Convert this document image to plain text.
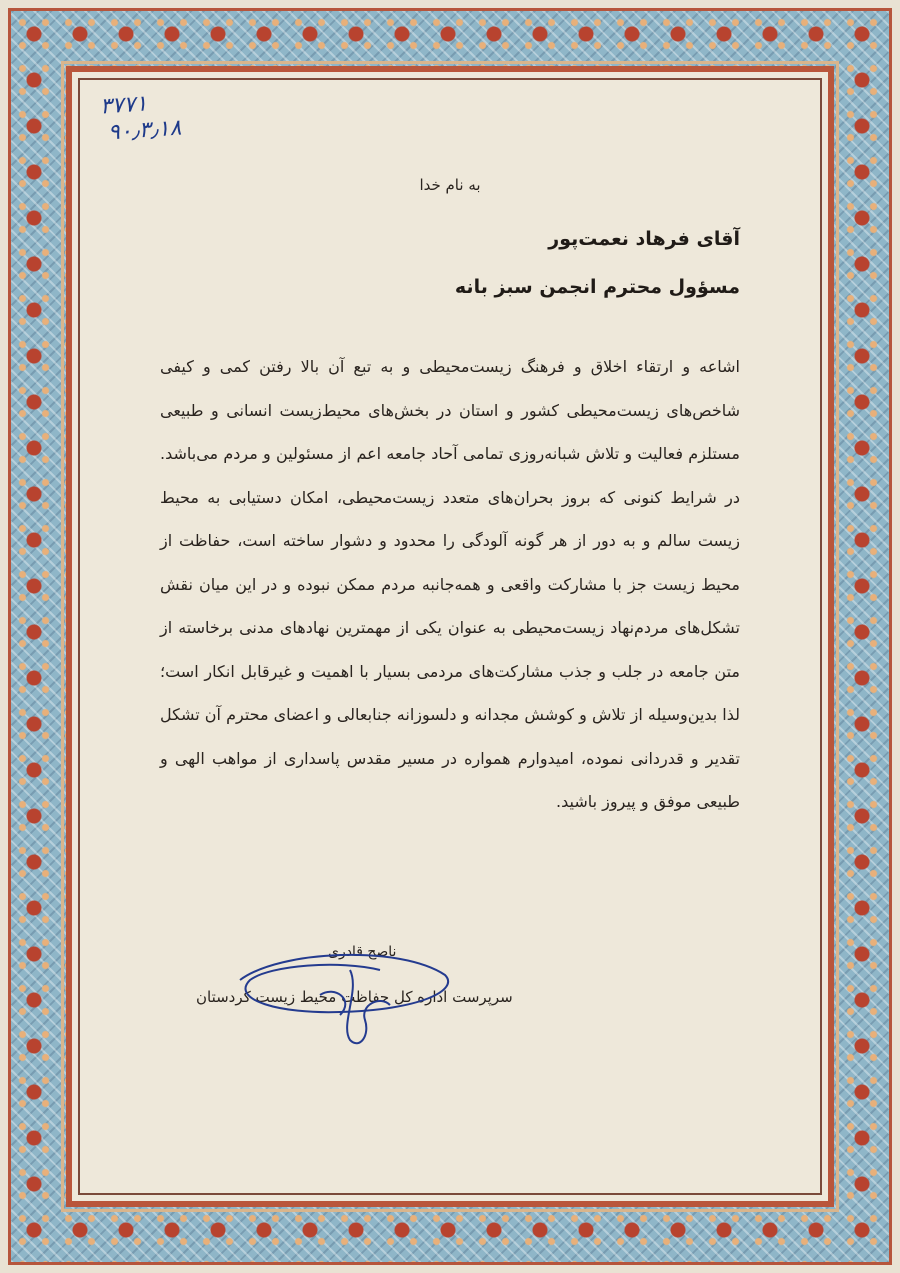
۳۷۷۱
۹۰٫۳٫۱۸
به نام خدا
آقای فرهاد نعمت‌پور
مسؤول محترم انجمن سبز بانه
اشاعه و ارتقاء اخلاق و فرهنگ زیست‌محیطی و به تبع آن بالا رفتن کمی و کیفی شاخص‌های زیست‌محیطی کشور و استان در بخش‌های محیط‌زیست انسانی و طبیعی مستلزم فعالیت و تلاش شبانه‌روزی تمامی آحاد جامعه اعم از مسئولین و مردم می‌باشد. در شرایط کنونی که بروز بحران‌های متعدد زیست‌محیطی، امکان دستیابی به محیط زیست سالم و به دور از هر گونه آلودگی را محدود و دشوار ساخته است، حفاظت از محیط زیست جز با مشارکت واقعی و همه‌جانبه مردم ممکن نبوده و در این میان نقش تشکل‌های مردم‌نهاد زیست‌محیطی به عنوان یکی از مهمترین نهادهای مدنی برخاسته از متن جامعه در جلب و جذب مشارکت‌های مردمی بسیار با اهمیت و غیرقابل انکار است؛ لذا بدین‌وسیله از تلاش و کوشش مجدانه و دلسوزانه جنابعالی و اعضای محترم آن تشکل تقدیر و قدردانی نموده، امیدوارم همواره در مسیر مقدس پاسداری از مواهب الهی و طبیعی موفق و پیروز باشید.
ناصح قادری
سرپرست اداره کل حفاظت محیط زیست کردستان
